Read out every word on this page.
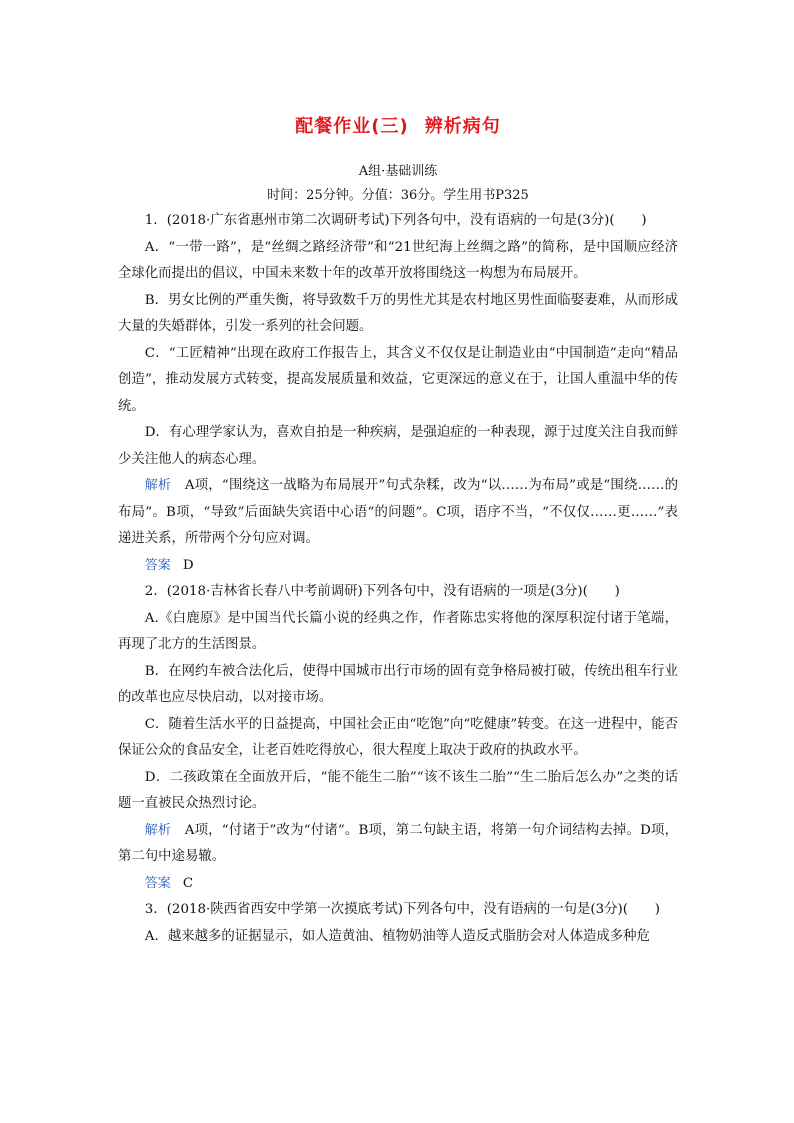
配餐作业(三) 辨析病句
A组·基础训练
时间：25分钟。分值：36分。学生用书P325

1．(2018·广东省惠州市第二次调研考试)下列各句中，没有语病的一句是(3分)(　　)

A．“一带一路”，是“丝绸之路经济带”和“21世纪海上丝绸之路”的简称，是中国顺应经济全球化而提出的倡议，中国未来数十年的改革开放将围绕这一构想为布局展开。

B．男女比例的严重失衡，将导致数千万的男性尤其是农村地区男性面临娶妻难，从而形成大量的失婚群体，引发一系列的社会问题。

C．“工匠精神”出现在政府工作报告上，其含义不仅仅是让制造业由“中国制造”走向“精品创造”，推动发展方式转变，提高发展质量和效益，它更深远的意义在于，让国人重温中华的传统。

D．有心理学家认为，喜欢自拍是一种疾病，是强迫症的一种表现，源于过度关注自我而鲜少关注他人的病态心理。

解析　 A项，“围绕这一战略为布局展开”句式杂糅，改为“以……为布局”或是“围绕……的布局”。B项，“导致”后面缺失宾语中心语“的问题”。C项，语序不当，“不仅仅……更……”表递进关系，所带两个分句应对调。

答案 D

2．(2018·吉林省长春八中考前调研)下列各句中，没有语病的一项是(3分)(　　)

A.《白鹿原》是中国当代长篇小说的经典之作，作者陈忠实将他的深厚积淀付诸于笔端，再现了北方的生活图景。

B．在网约车被合法化后，使得中国城市出行市场的固有竞争格局被打破，传统出租车行业的改革也应尽快启动，以对接市场。

C．随着生活水平的日益提高，中国社会正由“吃饱”向“吃健康”转变。在这一进程中，能否保证公众的食品安全，让老百姓吃得放心，很大程度上取决于政府的执政水平。

D．二孩政策在全面放开后，“能不能生二胎”“该不该生二胎”“生二胎后怎么办”之类的话题一直被民众热烈讨论。

解析　 A项，“付诸于”改为“付诸”。B项，第二句缺主语，将第一句介词结构去掉。D项，第二句中途易辙。

答案 C

3．(2018·陕西省西安中学第一次摸底考试)下列各句中，没有语病的一句是(3分)(　　)

A．越来越多的证据显示，如人造黄油、植物奶油等人造反式脂肪会对人体造成多种危
